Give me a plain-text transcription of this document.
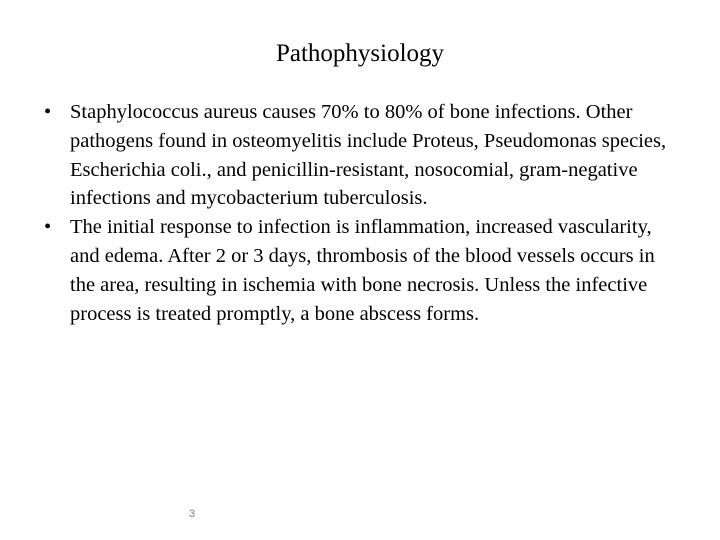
Pathophysiology
• Staphylococcus aureus causes 70% to 80% of bone infections. Other pathogens found in osteomyelitis include Proteus, Pseudomonas species, Escherichia coli., and penicillin-resistant, nosocomial, gram-negative infections and mycobacterium tuberculosis.
• The initial response to infection is inflammation, increased vascularity, and edema. After 2 or 3 days, thrombosis of the blood vessels occurs in the area, resulting in ischemia with bone necrosis. Unless the infective process is treated promptly, a bone abscess forms.
3
